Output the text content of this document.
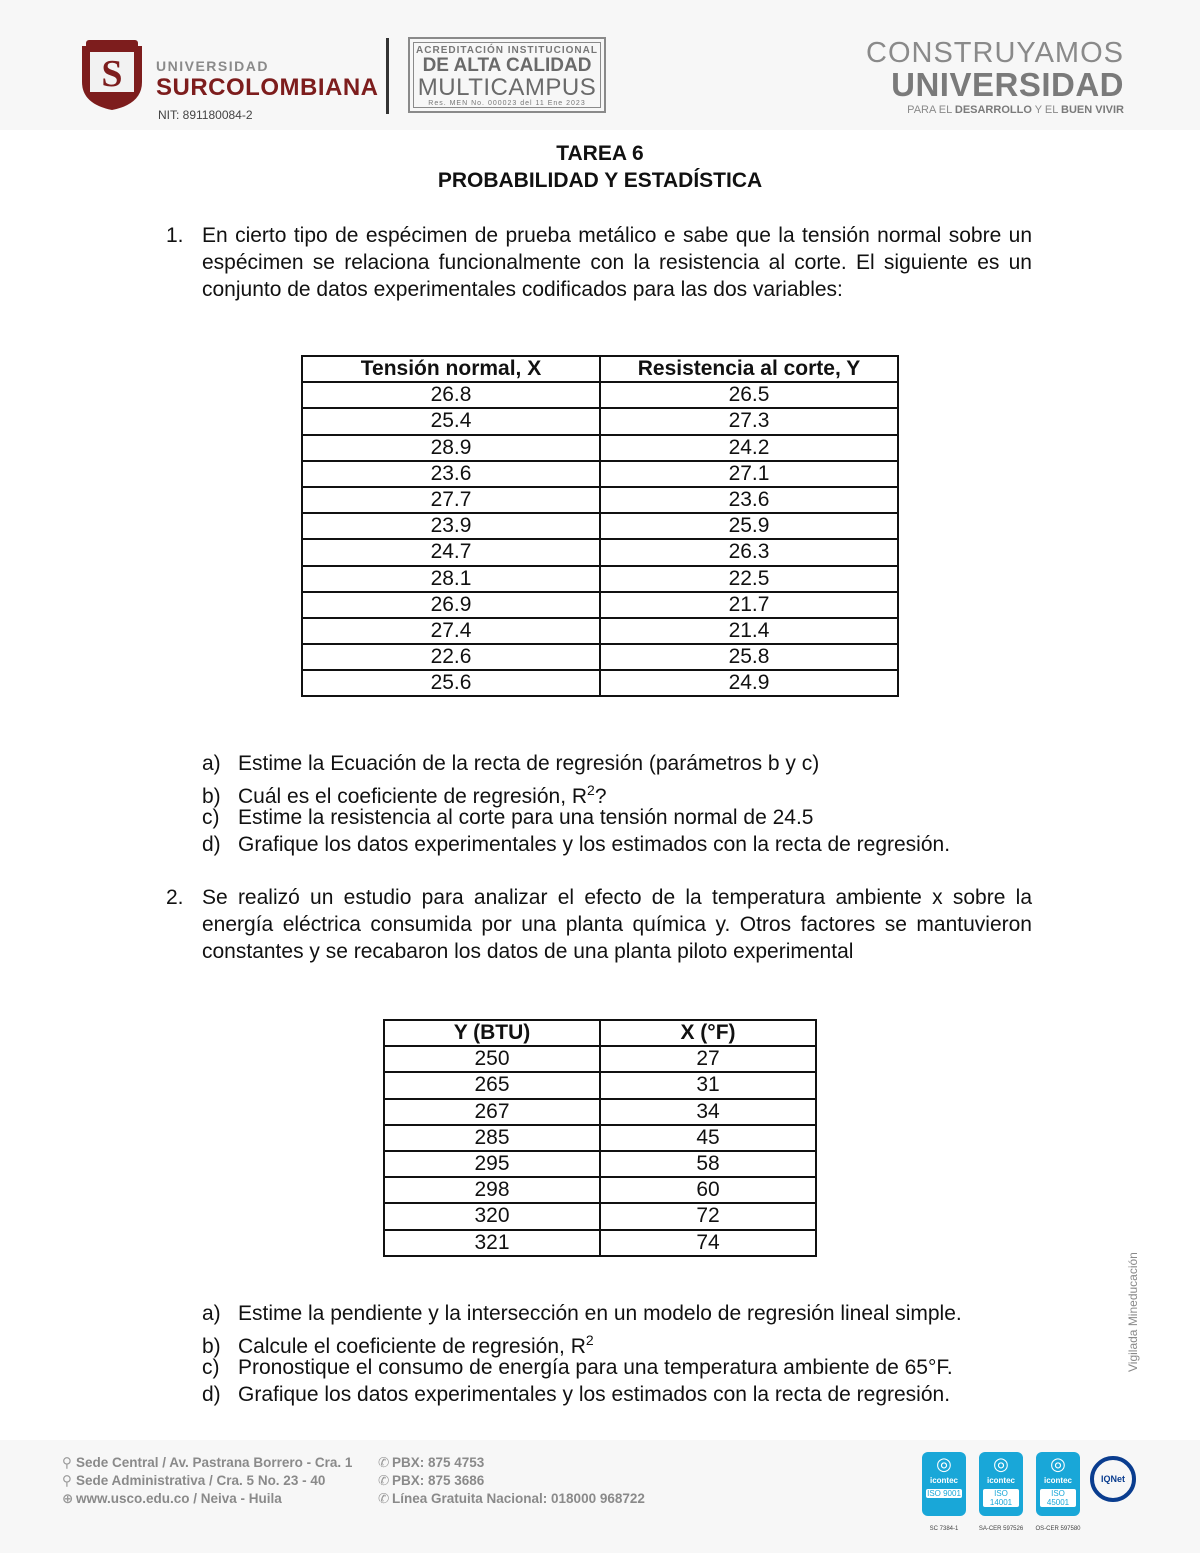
S UNIVERSIDAD
SURCOLOMBIANA
NIT: 891180084-2
ACREDITACIÓN INSTITUCIONAL
DE ALTA CALIDAD
MULTICAMPUS
Res. MEN No. 000023 del 11 Ene 2023
CONSTRUYAMOS
UNIVERSIDAD
PARA EL DESARROLLO Y EL BUEN VIVIR
TAREA 6
PROBABILIDAD Y ESTADÍSTICA
1. En cierto tipo de espécimen de prueba metálico e sabe que la tensión normal sobre un espécimen se relaciona funcionalmente con la resistencia al corte. El siguiente es un conjunto de datos experimentales codificados para las dos variables:
Tensión normal, X	Resistencia al corte, Y
26.8	26.5
25.4	27.3
28.9	24.2
23.6	27.1
27.7	23.6
23.9	25.9
24.7	26.3
28.1	22.5
26.9	21.7
27.4	21.4
22.6	25.8
25.6	24.9
a) Estime la Ecuación de la recta de regresión (parámetros b y c)
b) Cuál es el coeficiente de regresión, $R^2$?
c) Estime la resistencia al corte para una tensión normal de 24.5
d) Grafique los datos experimentales y los estimados con la recta de regresión.
2. Se realizó un estudio para analizar el efecto de la temperatura ambiente x sobre la energía eléctrica consumida por una planta química y. Otros factores se mantuvieron constantes y se recabaron los datos de una planta piloto experimental
Y (BTU)	X (°F)
250	27
265	31
267	34
285	45
295	58
298	60
320	72
321	74
a) Estime la pendiente y la intersección en un modelo de regresión lineal simple.
b) Calcule el coeficiente de regresión, $R^2$
c) Pronostique el consumo de energía para una temperatura ambiente de 65°F.
d) Grafique los datos experimentales y los estimados con la recta de regresión.
Vigilada Mineducación
⚲ Sede Central / Av. Pastrana Borrero - Cra. 1
⚲ Sede Administrativa / Cra. 5 No. 23 - 40
⊕ www.usco.edu.co / Neiva - Huila
✆ PBX: 875 4753
✆ PBX: 875 3686
✆ Línea Gratuita Nacional: 018000 968722
◎
icontec
ISO 9001
SC 7384-1
◎
icontec
ISO 14001
SA-CER 597526
◎
icontec
ISO 45001
OS-CER 597580
IQNet
